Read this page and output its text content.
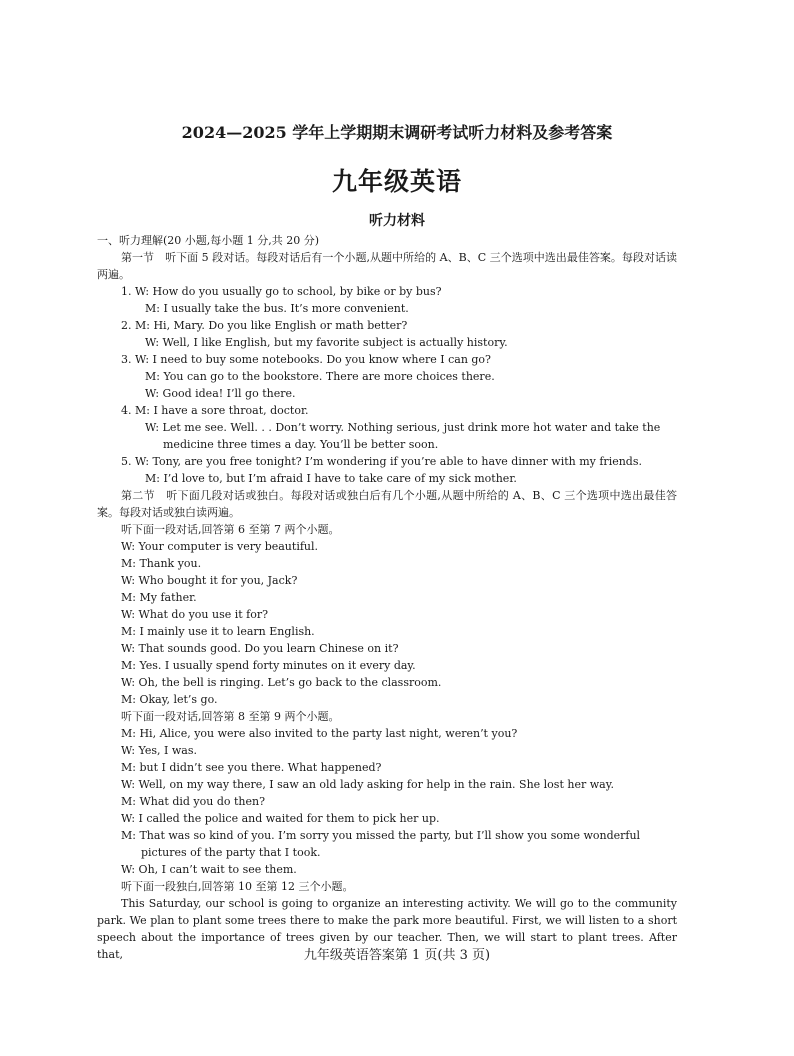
2024—2025 学年上学期期末调研考试听力材料及参考答案
九年级英语
听力材料
一、听力理解(20 小题,每小题 1 分,共 20 分)
第一节　听下面 5 段对话。每段对话后有一个小题,从题中所给的 A、B、C 三个选项中选出最佳答案。每段对话读两遍。
1. W: How do you usually go to school, by bike or by bus?
M: I usually take the bus. It’s more convenient.
2. M: Hi, Mary. Do you like English or math better?
W: Well, I like English, but my favorite subject is actually history.
3. W: I need to buy some notebooks. Do you know where I can go?
M: You can go to the bookstore. There are more choices there.
W: Good idea! I’ll go there.
4. M: I have a sore throat, doctor.
W: Let me see. Well. . . Don’t worry. Nothing serious, just drink more hot water and take the
medicine three times a day. You’ll be better soon.
5. W: Tony, are you free tonight? I’m wondering if you’re able to have dinner with my friends.
M: I’d love to, but I’m afraid I have to take care of my sick mother.
第二节　听下面几段对话或独白。每段对话或独白后有几个小题,从题中所给的 A、B、C 三个选项中选出最佳答案。每段对话或独白读两遍。
听下面一段对话,回答第 6 至第 7 两个小题。
W: Your computer is very beautiful.
M: Thank you.
W: Who bought it for you, Jack?
M: My father.
W: What do you use it for?
M: I mainly use it to learn English.
W: That sounds good. Do you learn Chinese on it?
M: Yes. I usually spend forty minutes on it every day.
W: Oh, the bell is ringing. Let’s go back to the classroom.
M: Okay, let’s go.
听下面一段对话,回答第 8 至第 9 两个小题。
M: Hi, Alice, you were also invited to the party last night, weren’t you?
W: Yes, I was.
M: but I didn’t see you there. What happened?
W: Well, on my way there, I saw an old lady asking for help in the rain. She lost her way.
M: What did you do then?
W: I called the police and waited for them to pick her up.
M: That was so kind of you. I’m sorry you missed the party, but I’ll show you some wonderful
pictures of the party that I took.
W: Oh, I can’t wait to see them.
听下面一段独白,回答第 10 至第 12 三个小题。
This Saturday, our school is going to organize an interesting activity. We will go to the community park. We plan to plant some trees there to make the park more beautiful. First, we will listen to a short speech about the importance of trees given by our teacher. Then, we will start to plant trees. After that,	九年级英语答案第 1 页(共 3 页)
